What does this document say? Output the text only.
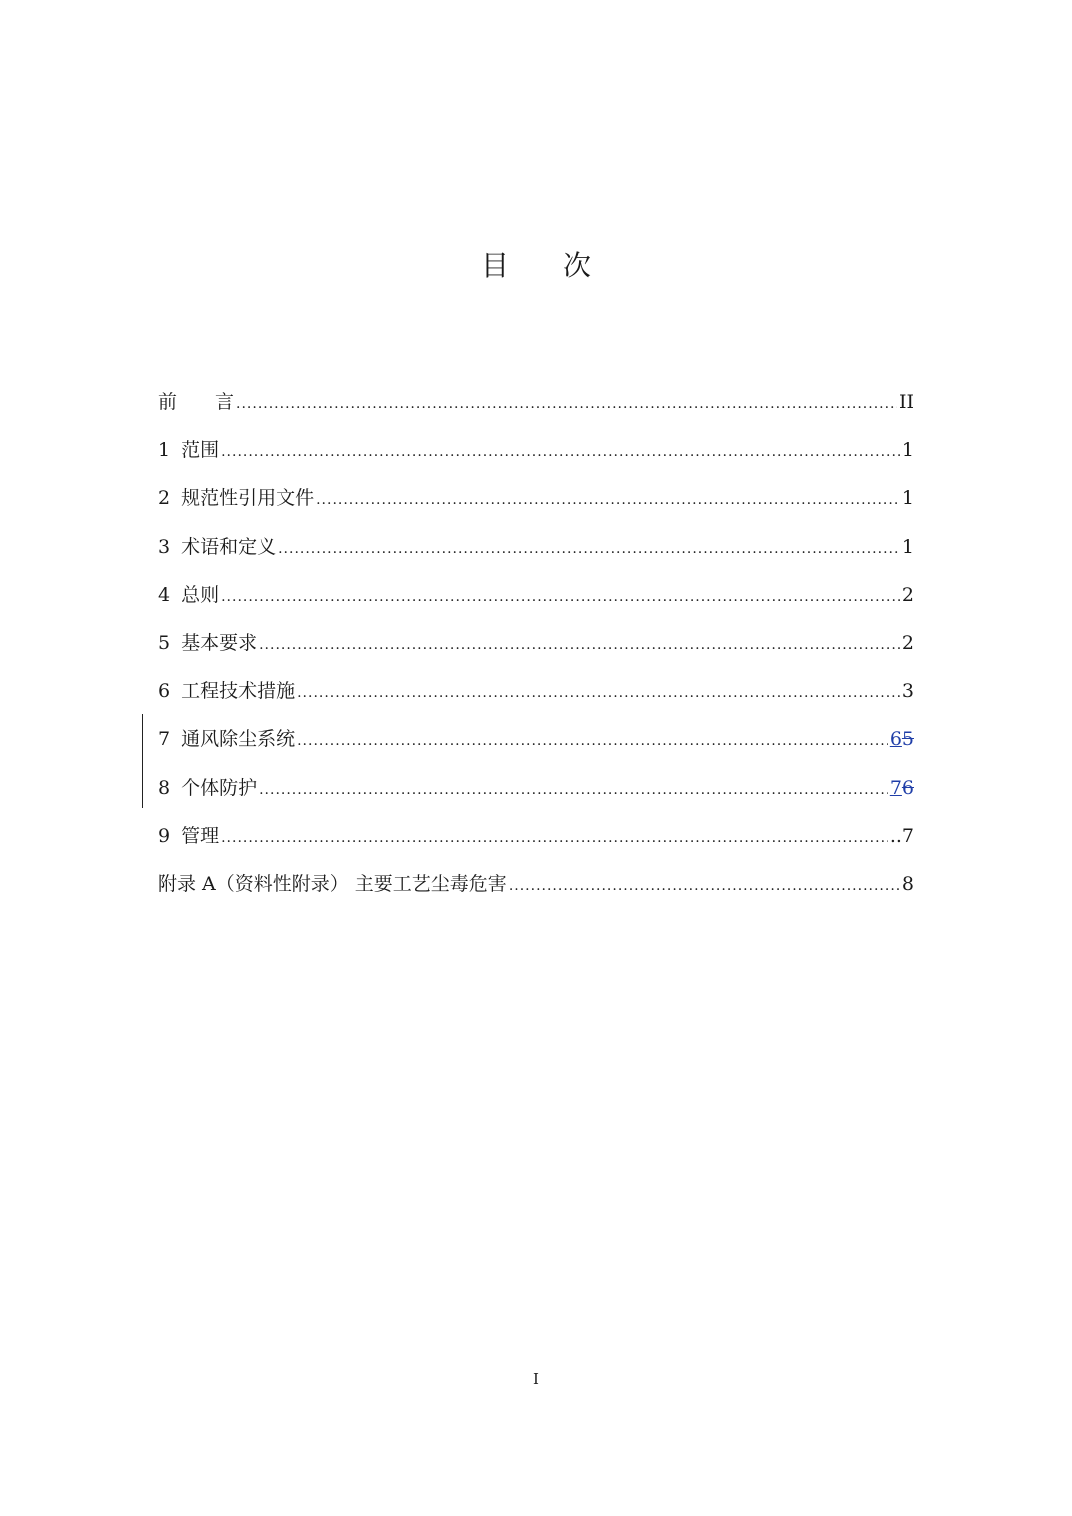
目 次
前　　言 .....	II
1 范围 .....	1
2 规范性引用文件 .....	1
3 术语和定义 .....	1
4 总则 .....	2
5 基本要求 .....	2
6 工程技术措施 .....	3
7 通风除尘系统 .....	65
8 个体防护 .....	76
9 管理 .....	..7
附录 A（资料性附录） 主要工艺尘毒危害 .....	8
I
